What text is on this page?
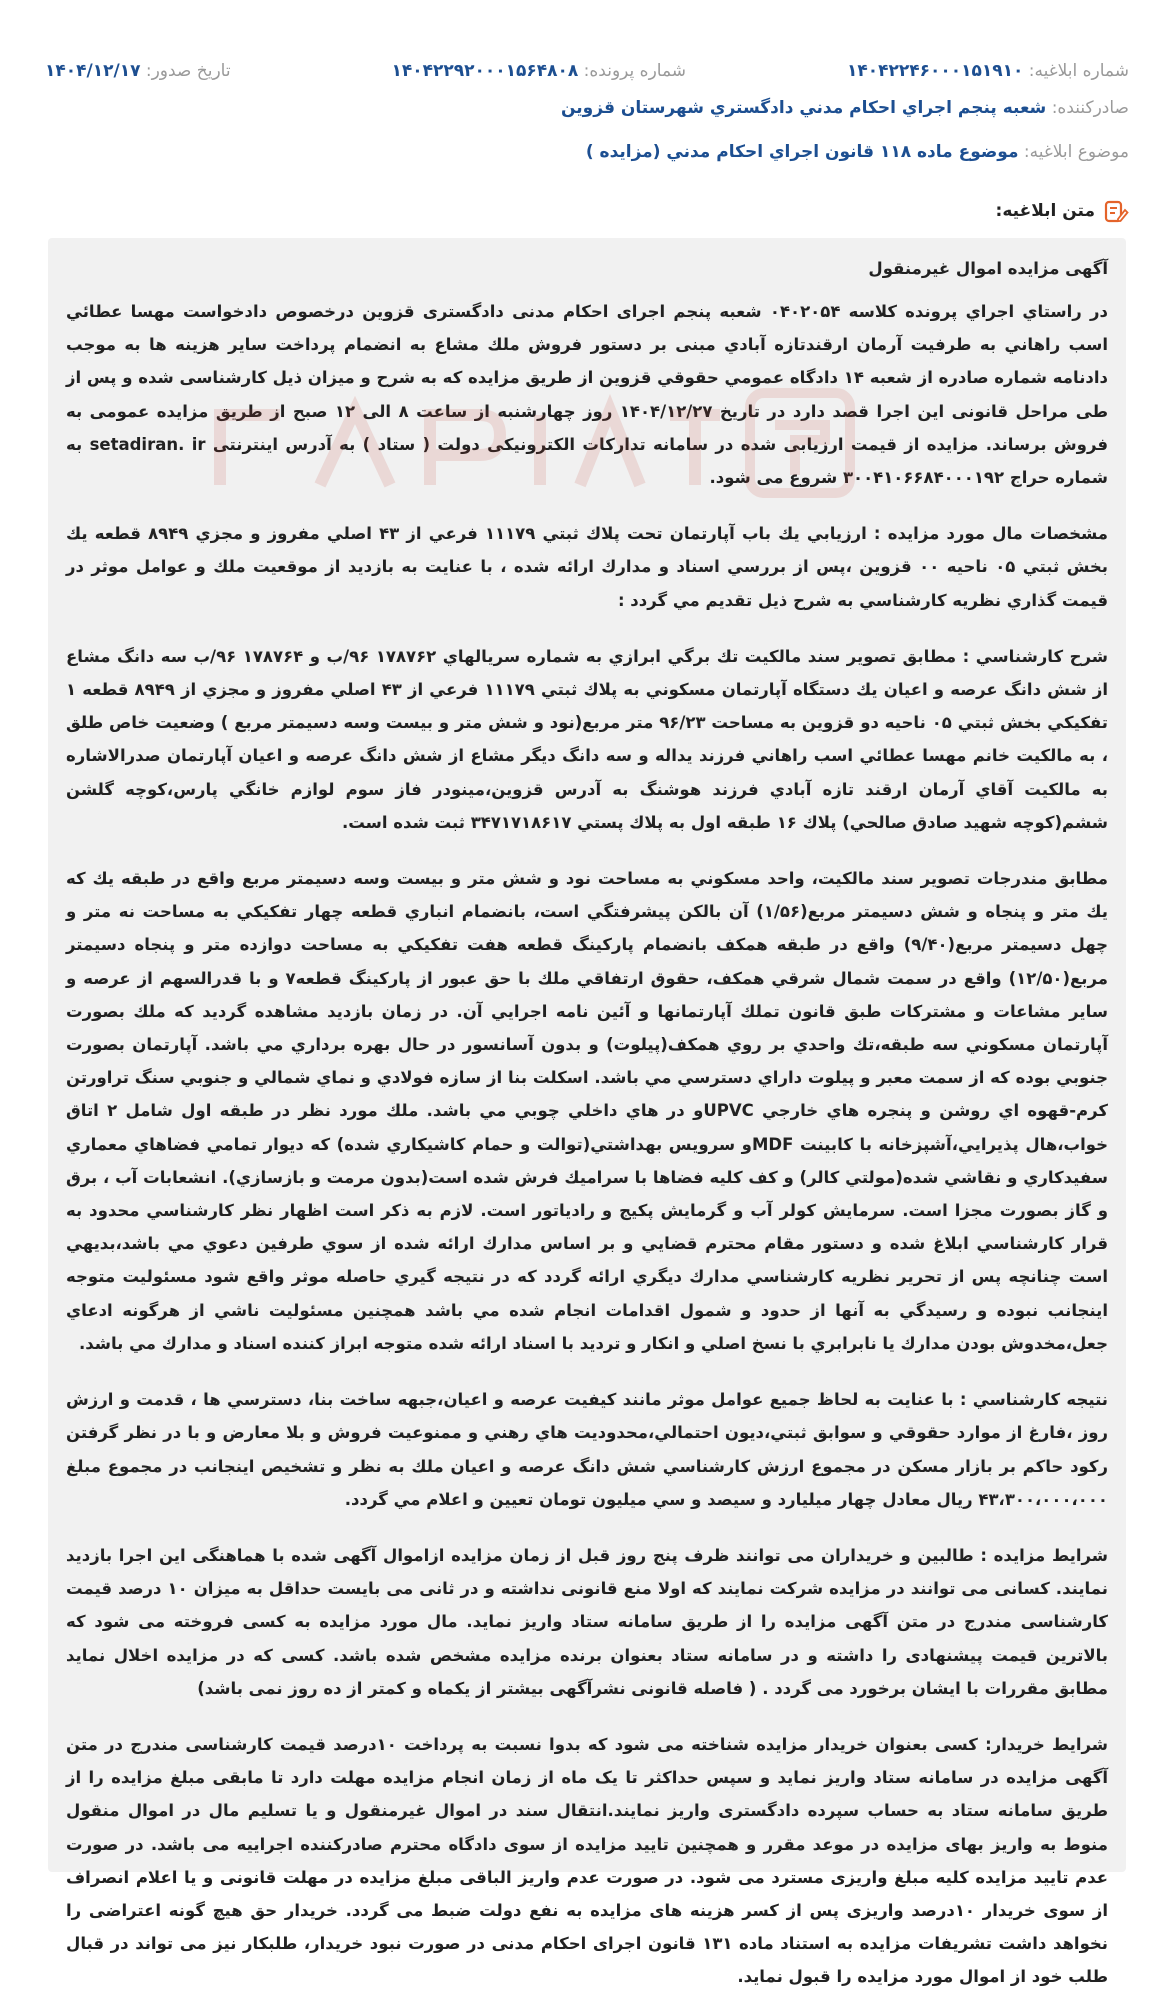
شماره ابلاغیه: ۱۴۰۴۲۲۴۶۰۰۰۱۵۱۹۱۰
شماره پرونده: ۱۴۰۴۲۲۹۲۰۰۰۱۵۶۴۸۰۸
تاریخ صدور: ۱۴۰۴/۱۲/۱۷
صادرکننده: شعبه پنجم اجراي احكام مدني دادگستري شهرستان قزوين
موضوع ابلاغیه: موضوع ماده ۱۱۸ قانون اجراي احكام مدني (مزايده )
متن ابلاغیه:
آگهی مزایده اموال غیرمنقول

در راستاي اجراي پرونده كلاسه ۰۴۰۲۰۵۴ شعبه پنجم اجرای احکام مدنی دادگستری قزوین درخصوص دادخواست مهسا عطائي اسب راهاني به طرفيت آرمان ارقندتازه آبادي مبنی بر دستور فروش ملك مشاع به انضمام پرداخت ساير هزينه ها به موجب دادنامه شماره صادره از شعبه ۱۴ دادگاه عمومي حقوقي قزوين از طریق مزایده که به شرح و میزان ذیل کارشناسی شده و پس از طی مراحل قانونی این اجرا قصد دارد در تاریخ ۱۴۰۴/۱۲/۲۷ روز چهارشنبه از ساعت ۸ الی ۱۲ صبح از طريق مزايده عمومی به فروش برساند. مزایده از قیمت ارزیابی شده در سامانه تدارکات الکترونیکی دولت ( ستاد ) به آدرس اینترنتی setadiran. ir به شماره حراج ۳۰۰۴۱۰۶۶۸۴۰۰۰۱۹۲ شروع می شود.

مشخصات مال مورد مزایده : ارزيابي يك باب آپارتمان تحت پلاك ثبتي ۱۱۱۷۹ فرعي از ۴۳ اصلي مفروز و مجزي ۸۹۴۹ قطعه يك بخش ثبتي ۰۵ ناحيه ۰۰ قزوين ،پس از بررسي اسناد و مدارك ارائه شده ، با عنايت به بازديد از موقعيت ملك و عوامل موثر در قيمت گذاري نظريه كارشناسي به شرح ذيل تقديم مي گردد :

شرح كارشناسي : مطابق تصوير سند مالكيت تك برگي ابرازي به شماره سريالهاي ۱۷۸۷۶۲ ۹۶/ب و ۱۷۸۷۶۴ ۹۶/ب سه دانگ مشاع از شش دانگ عرصه و اعيان يك دستگاه آپارتمان مسكوني به پلاك ثبتي ۱۱۱۷۹ فرعي از ۴۳ اصلي مفروز و مجزي از ۸۹۴۹ قطعه ۱ تفكيكي بخش ثبتي ۰۵ ناحيه دو قزوين به مساحت ۹۶/۲۳ متر مربع(نود و شش متر و بيست وسه دسيمتر مربع ) وضعيت خاص طلق ، به مالكيت خانم مهسا عطائي اسب راهاني فرزند يداله و سه دانگ ديگر مشاع از شش دانگ عرصه و اعيان آپارتمان صدرالاشاره به مالكيت آقاي آرمان ارقند تازه آبادي فرزند هوشنگ به آدرس قزوين،مينودر فاز سوم لوازم خانگي پارس،كوچه گلشن ششم(كوچه شهيد صادق صالحي) پلاك ۱۶ طبقه اول به پلاك پستي ۳۴۷۱۷۱۸۶۱۷ ثبت شده است.

مطابق مندرجات تصوير سند مالكيت، واحد مسكوني به مساحت نود و شش متر و بيست وسه دسيمتر مربع واقع در طبقه يك كه يك متر و پنجاه و شش دسيمتر مربع(۱/۵۶) آن بالكن پيشرفتگي است، بانضمام انباري قطعه چهار تفكيكي به مساحت نه متر و چهل دسيمتر مربع(۹/۴۰) واقع در طبقه همكف بانضمام پاركينگ قطعه هفت تفكيكي به مساحت دوازده متر و پنجاه دسيمتر مربع(۱۲/۵۰) واقع در سمت شمال شرقي همكف، حقوق ارتفاقي ملك با حق عبور از پاركينگ قطعه۷ و با قدرالسهم از عرصه و ساير مشاعات و مشتركات طبق قانون تملك آپارتمانها و آئين نامه اجرايي آن. در زمان بازديد مشاهده گرديد كه ملك بصورت آپارتمان مسكوني سه طبقه،تك واحدي بر روي همكف(پيلوت) و بدون آسانسور در حال بهره برداري مي باشد. آپارتمان بصورت جنوبي بوده كه از سمت معبر و پيلوت داراي دسترسي مي باشد. اسكلت بنا از سازه فولادي و نماي شمالي و جنوبي سنگ تراورتن كرم-قهوه اي روشن و پنجره هاي خارجي UPVCو در هاي داخلي چوبي مي باشد. ملك مورد نظر در طبقه اول شامل ۲ اتاق خواب،هال پذيرايي،آشپزخانه با كابينت MDFو سرويس بهداشتي(توالت و حمام كاشيكاري شده) كه ديوار تمامي فضاهاي معماري سفيدكاري و نقاشي شده(مولتي كالر) و كف كليه فضاها با سراميك فرش شده است(بدون مرمت و بازسازي). انشعابات آب ، برق و گاز بصورت مجزا است. سرمايش كولر آب و گرمايش پكيج و رادياتور است. لازم به ذكر است اظهار نظر كارشناسي محدود به قرار كارشناسي ابلاغ شده و دستور مقام محترم قضايي و بر اساس مدارك ارائه شده از سوي طرفين دعوي مي باشد،بديهي است چنانچه پس از تحرير نظريه كارشناسي مدارك ديگري ارائه گردد كه در نتيجه گيري حاصله موثر واقع شود مسئوليت متوجه اينجانب نبوده و رسيدگي به آنها از حدود و شمول اقدامات انجام شده مي باشد همچنين مسئوليت ناشي از هرگونه ادعاي جعل،مخدوش بودن مدارك يا نابرابري با نسخ اصلي و انكار و ترديد با اسناد ارائه شده متوجه ابراز كننده اسناد و مدارك مي باشد.

نتيجه كارشناسي : با عنايت به لحاظ جميع عوامل موثر مانند كيفيت عرصه و اعيان،جبهه ساخت بنا، دسترسي ها ، قدمت و ارزش روز ،فارغ از موارد حقوقي و سوابق ثبتي،ديون احتمالي،محدوديت هاي رهني و ممنوعيت فروش و بلا معارض و با در نظر گرفتن ركود حاكم بر بازار مسكن در مجموع ارزش كارشناسي شش دانگ عرصه و اعيان ملك به نظر و تشخيص اينجانب در مجموع مبلغ ۴۳،۳۰۰،۰۰۰،۰۰۰ ريال معادل چهار ميليارد و سيصد و سي ميليون تومان تعيين و اعلام مي گردد.

شرایط مزایده : طالبین و خریداران می توانند ظرف پنج روز قبل از زمان مزایده ازاموال آگهی شده با هماهنگی این اجرا بازدید نمایند. کسانی می توانند در مزایده شرکت نمایند که اولا منع قانونی نداشته و در ثانی می بایست حداقل به میزان ۱۰ درصد قیمت کارشناسی مندرج در متن آگهی مزایده را از طریق سامانه ستاد واریز نماید. مال مورد مزایده به کسی فروخته می شود که بالاترین قیمت پیشنهادی را داشته و در سامانه ستاد بعنوان برنده مزایده مشخص شده باشد. کسی که در مزایده اخلال نماید مطابق مقررات با ایشان برخورد می گردد . ( فاصله قانونی نشرآگهی بیشتر از یکماه و کمتر از ده روز نمی باشد)

شرایط خریدار: کسی بعنوان خریدار مزایده شناخته می شود که بدوا نسبت به پرداخت ۱۰درصد قیمت کارشناسی مندرج در متن آگهی مزایده در سامانه ستاد واریز نماید و سپس حداکثر تا یک ماه از زمان انجام مزایده مهلت دارد تا مابقی مبلغ مزایده را از طریق سامانه ستاد به حساب سپرده دادگستری واریز نمایند.انتقال سند در اموال غیرمنقول و یا تسلیم مال در اموال منقول منوط به واریز بهای مزایده در موعد مقرر و همچنین تایید مزایده از سوی دادگاه محترم صادرکننده اجراییه می باشد. در صورت عدم تایید مزایده کلیه مبلغ واریزی مسترد می شود. در صورت عدم واریز الباقی مبلغ مزایده در مهلت قانونی و یا اعلام انصراف از سوی خریدار ۱۰درصد واریزی پس از کسر هزینه های مزایده به نفع دولت ضبط می گردد. خریدار حق هیچ گونه اعتراضی را نخواهد داشت تشریفات مزایده به استناد ماده ۱۳۱ قانون اجرای احکام مدنی در صورت نبود خریدار، طلبکار نیز می تواند در قبال طلب خود از اموال مورد مزایده را قبول نماید.
